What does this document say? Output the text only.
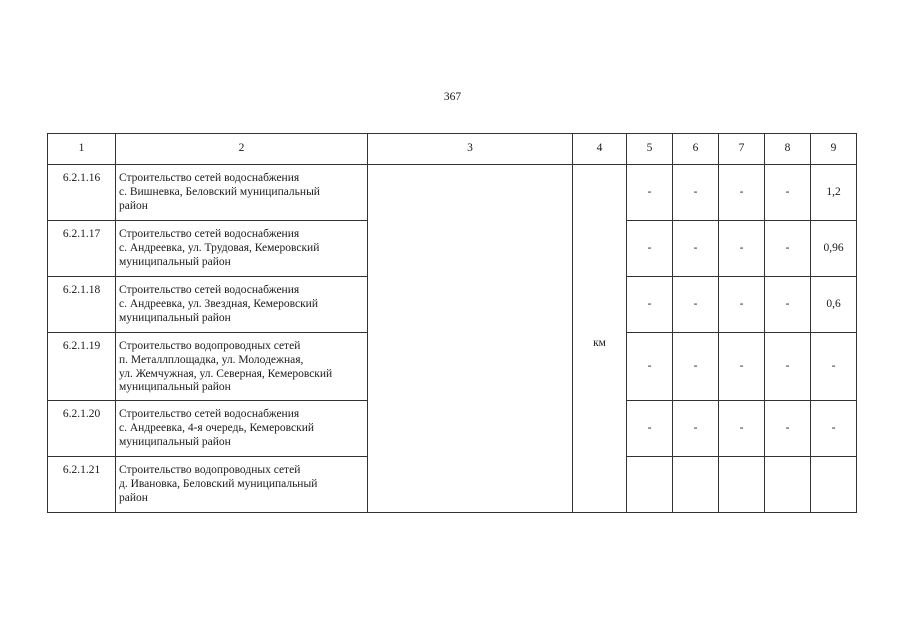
367
1	2	3	4	5	6	7	8	9
6.2.1.16	Строительство сетей водоснабжения
с. Вишневка, Беловский муниципальный
район		км	-	-	-	-	1,2
6.2.1.17	Строительство сетей водоснабжения
с. Андреевка, ул. Трудовая, Кемеровский
муниципальный район			-	-	-	-	0,96
6.2.1.18	Строительство сетей водоснабжения
с. Андреевка, ул. Звездная, Кемеровский
муниципальный район			-	-	-	-	0,6
6.2.1.19	Строительство водопроводных сетей
п. Металлплощадка, ул. Молодежная,
ул. Жемчужная, ул. Северная, Кемеровский
муниципальный район			-	-	-	-	-
6.2.1.20	Строительство сетей водоснабжения
с. Андреевка, 4-я очередь, Кемеровский
муниципальный район			-	-	-	-	-
6.2.1.21	Строительство водопроводных сетей
д. Ивановка, Беловский муниципальный
район							
